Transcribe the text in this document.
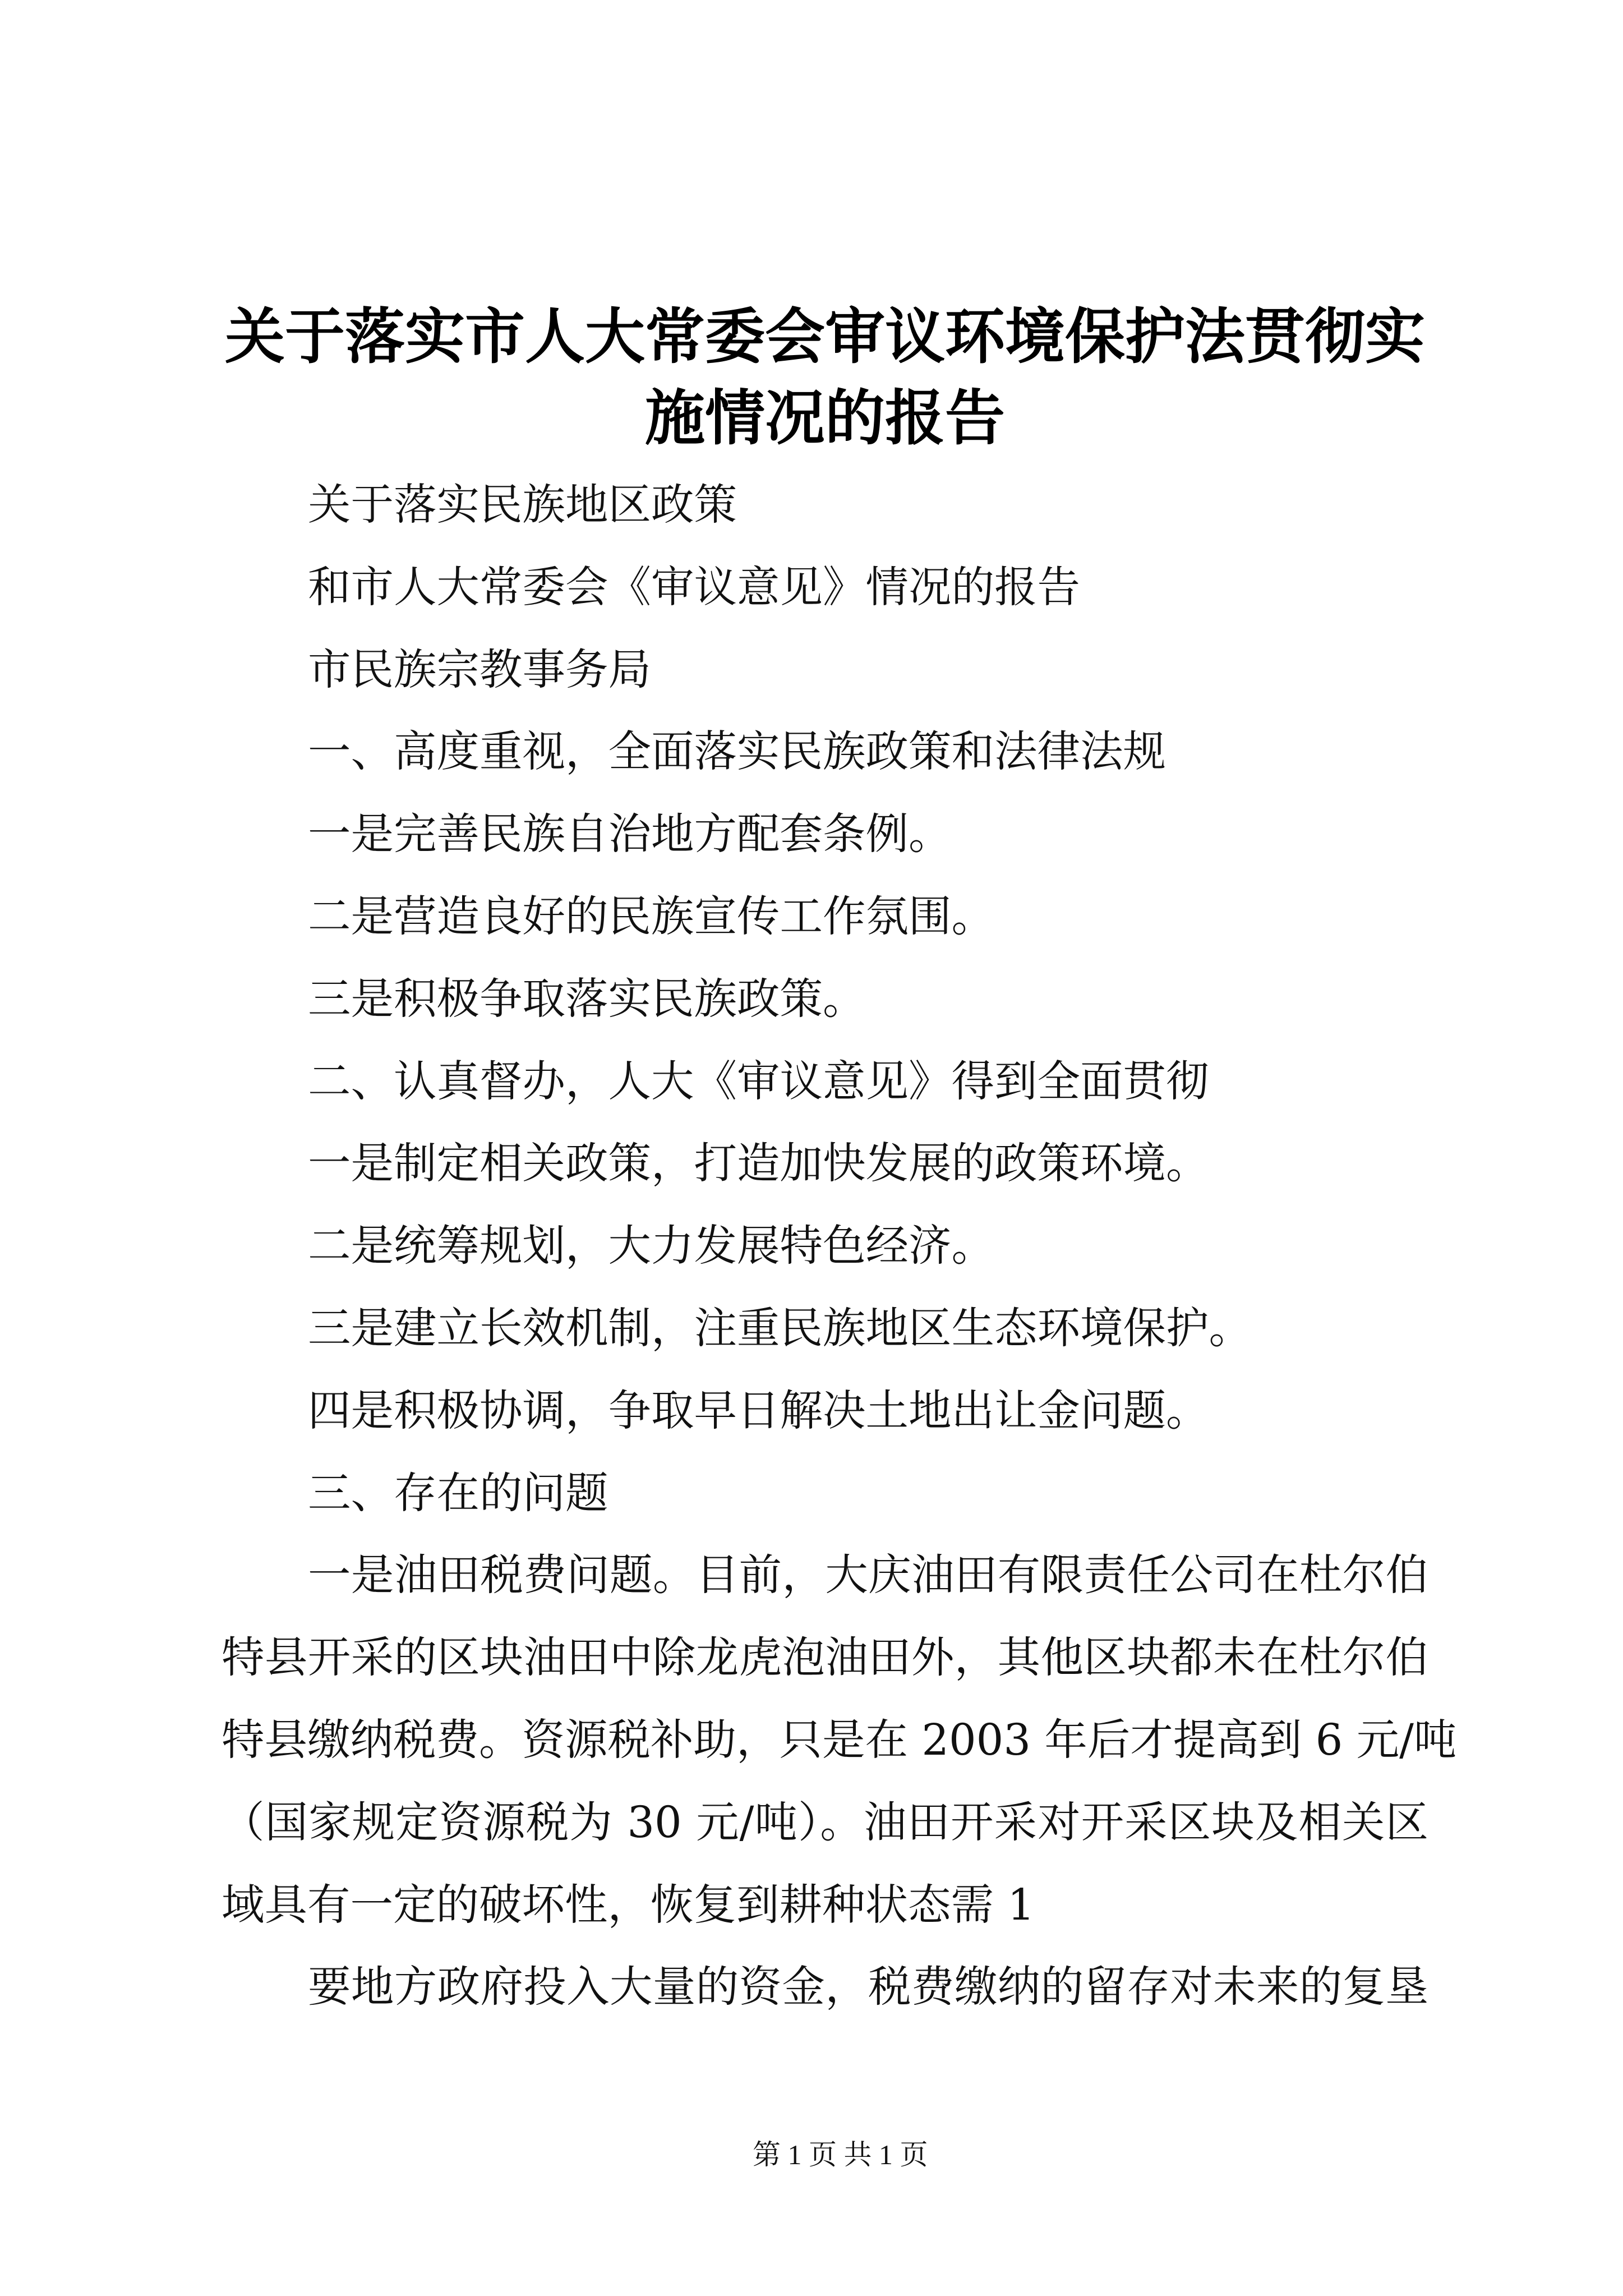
关于落实市人大常委会审议环境保护法贯彻实
施情况的报告
关于落实民族地区政策
和市人大常委会《审议意见》情况的报告
市民族宗教事务局
一、高度重视，全面落实民族政策和法律法规
一是完善民族自治地方配套条例。
二是营造良好的民族宣传工作氛围。
三是积极争取落实民族政策。
二、认真督办，人大《审议意见》得到全面贯彻
一是制定相关政策，打造加快发展的政策环境。
二是统筹规划，大力发展特色经济。
三是建立长效机制，注重民族地区生态环境保护。
四是积极协调，争取早日解决土地出让金问题。
三、存在的问题
一是油田税费问题。目前，大庆油田有限责任公司在杜尔伯
特县开采的区块油田中除龙虎泡油田外，其他区块都未在杜尔伯
特县缴纳税费。资源税补助，只是在 2003 年后才提高到 6 元/吨
（国家规定资源税为 30 元/吨）。油田开采对开采区块及相关区
域具有一定的破坏性，恢复到耕种状态需 1
要地方政府投入大量的资金，税费缴纳的留存对未来的复垦
第 1 页 共 1 页
